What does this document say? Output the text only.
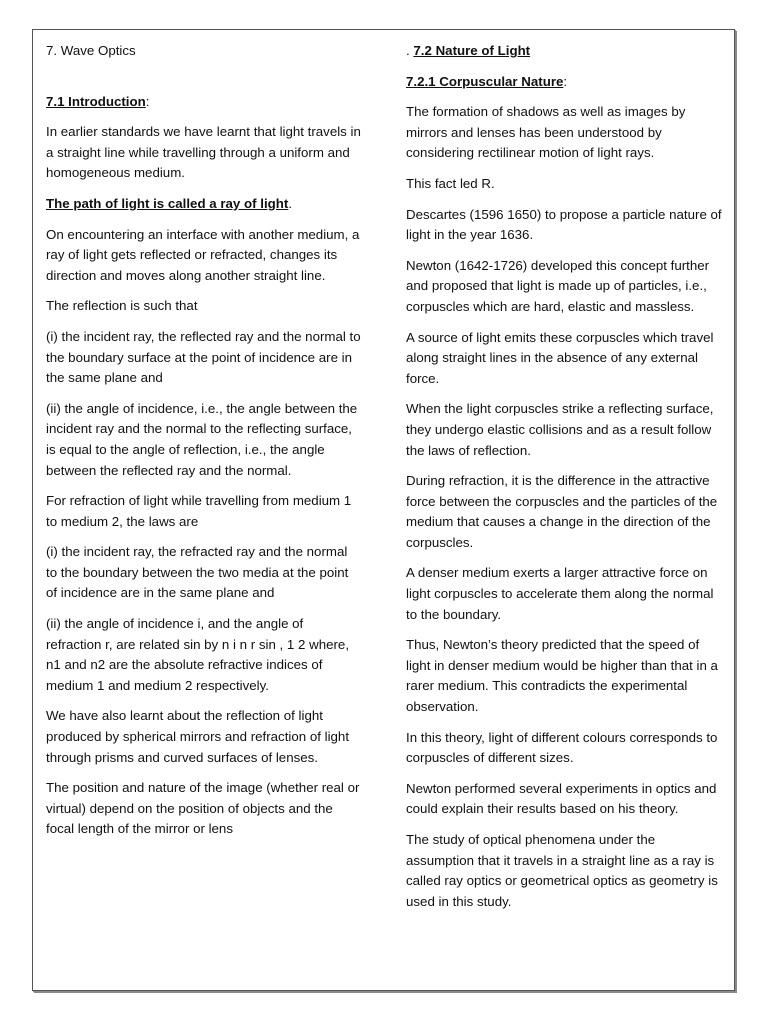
7. Wave Optics

7.1 Introduction:

In earlier standards we have learnt that light travels in a straight line while travelling through a uniform and homogeneous medium.

The path of light is called a ray of light.

On encountering an interface with another medium, a ray of light gets reflected or refracted, changes its direction and moves along another straight line.

The reflection is such that

(i) the incident ray, the reflected ray and the normal to the boundary surface at the point of incidence are in the same plane and

(ii) the angle of incidence, i.e., the angle between the incident ray and the normal to the reflecting surface, is equal to the angle of reflection, i.e., the angle between the reflected ray and the normal.

For refraction of light while travelling from medium 1 to medium 2, the laws are

(i) the incident ray, the refracted ray and the normal to the boundary between the two media at the point of incidence are in the same plane and

(ii) the angle of incidence i, and the angle of refraction r, are related sin by n i n r sin , 1 2 where, n1 and n2 are the absolute refractive indices of medium 1 and medium 2 respectively.

We have also learnt about the reflection of light produced by spherical mirrors and refraction of light through prisms and curved surfaces of lenses.

The position and nature of the image (whether real or virtual) depend on the position of objects and the focal length of the mirror or lens

. 7.2 Nature of Light

7.2.1 Corpuscular Nature:

The formation of shadows as well as images by mirrors and lenses has been understood by considering rectilinear motion of light rays.

This fact led R.

Descartes (1596 1650) to propose a particle nature of light in the year 1636.

Newton (1642-1726) developed this concept further and proposed that light is made up of particles, i.e., corpuscles which are hard, elastic and massless.

A source of light emits these corpuscles which travel along straight lines in the absence of any external force.

When the light corpuscles strike a reflecting surface, they undergo elastic collisions and as a result follow the laws of reflection.

During refraction, it is the difference in the attractive force between the corpuscles and the particles of the medium that causes a change in the direction of the corpuscles.

A denser medium exerts a larger attractive force on light corpuscles to accelerate them along the normal to the boundary.

Thus, Newton’s theory predicted that the speed of light in denser medium would be higher than that in a rarer medium. This contradicts the experimental observation.

In this theory, light of different colours corresponds to corpuscles of different sizes.

Newton performed several experiments in optics and could explain their results based on his theory.

The study of optical phenomena under the assumption that it travels in a straight line as a ray is called ray optics or geometrical optics as geometry is used in this study.
